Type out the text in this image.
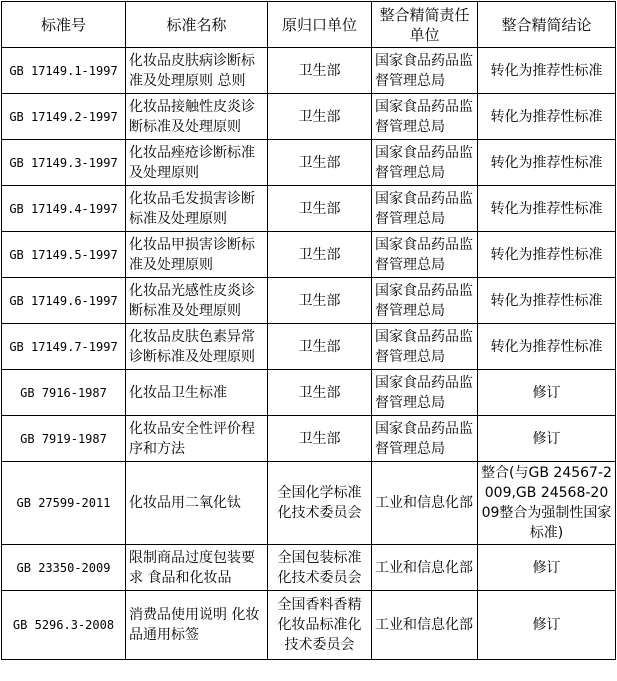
标准号	标准名称	原归口单位	整合精简责任单位	整合精简结论
GB 17149.1-1997	化妆品皮肤病诊断标准及处理原则 总则	卫生部	国家食品药品监督管理总局	转化为推荐性标准
GB 17149.2-1997	化妆品接触性皮炎诊断标准及处理原则	卫生部	国家食品药品监督管理总局	转化为推荐性标准
GB 17149.3-1997	化妆品痤疮诊断标准及处理原则	卫生部	国家食品药品监督管理总局	转化为推荐性标准
GB 17149.4-1997	化妆品毛发损害诊断标准及处理原则	卫生部	国家食品药品监督管理总局	转化为推荐性标准
GB 17149.5-1997	化妆品甲损害诊断标准及处理原则	卫生部	国家食品药品监督管理总局	转化为推荐性标准
GB 17149.6-1997	化妆品光感性皮炎诊断标准及处理原则	卫生部	国家食品药品监督管理总局	转化为推荐性标准
GB 17149.7-1997	化妆品皮肤色素异常诊断标准及处理原则	卫生部	国家食品药品监督管理总局	转化为推荐性标准
GB 7916-1987	化妆品卫生标准	卫生部	国家食品药品监督管理总局	修订
GB 7919-1987	化妆品安全性评价程序和方法	卫生部	国家食品药品监督管理总局	修订
GB 27599-2011	化妆品用二氧化钛	全国化学标准化技术委员会	工业和信息化部	整合(与GB 24567-2009,GB 24568-2009整合为强制性国家标准)
GB 23350-2009	限制商品过度包装要求 食品和化妆品	全国包装标准化技术委员会	工业和信息化部	修订
GB 5296.3-2008	消费品使用说明 化妆品通用标签	全国香料香精化妆品标准化技术委员会	工业和信息化部	修订
